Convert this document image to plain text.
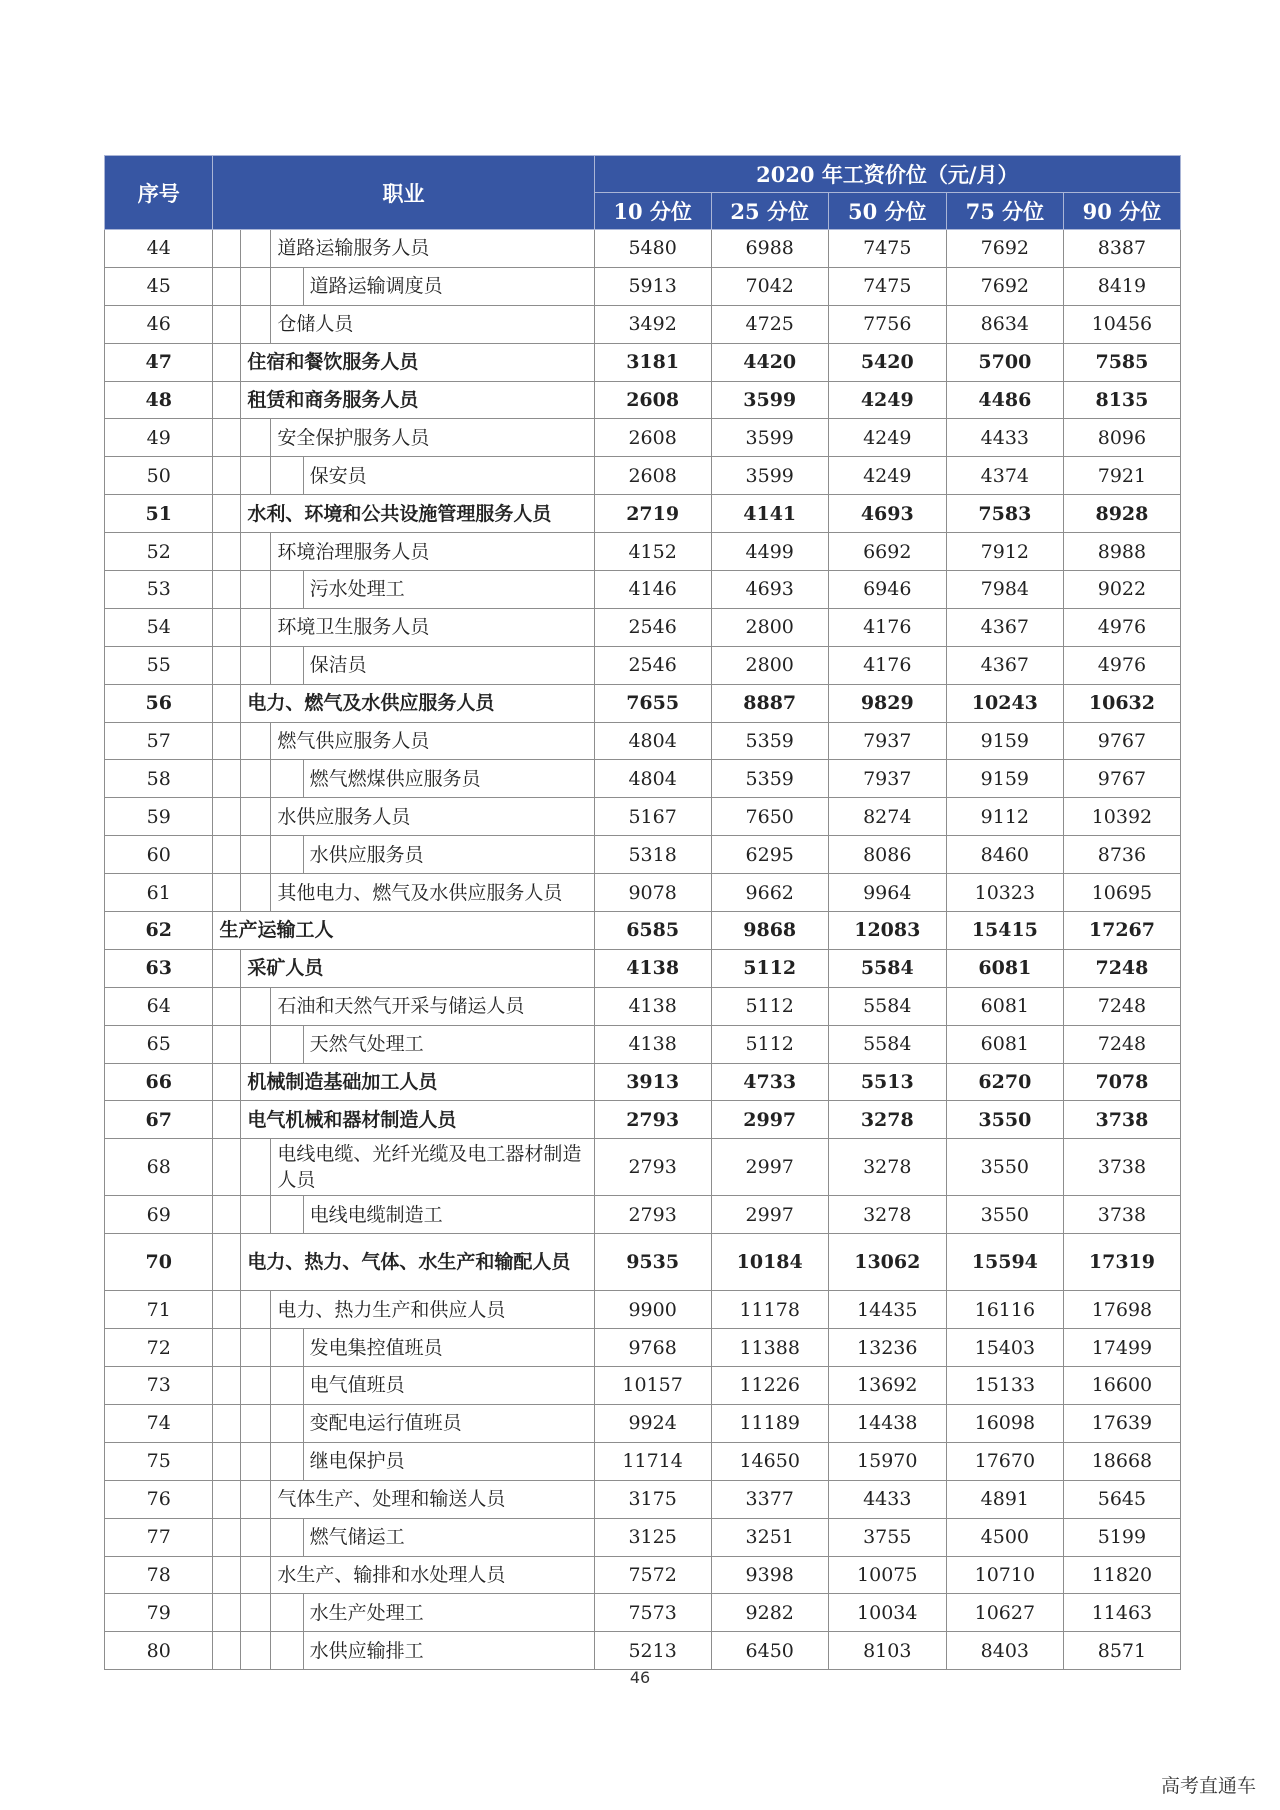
序号	职业				2020 年工资价位（元/月）				
					10 分位	25 分位	50 分位	75 分位	90 分位
44			道路运输服务人员		5480	6988	7475	7692	8387
45				道路运输调度员	5913	7042	7475	7692	8419
46			仓储人员		3492	4725	7756	8634	10456
47		住宿和餐饮服务人员			3181	4420	5420	5700	7585
48		租赁和商务服务人员			2608	3599	4249	4486	8135
49			安全保护服务人员		2608	3599	4249	4433	8096
50				保安员	2608	3599	4249	4374	7921
51		水利、环境和公共设施管理服务人员			2719	4141	4693	7583	8928
52			环境治理服务人员		4152	4499	6692	7912	8988
53				污水处理工	4146	4693	6946	7984	9022
54			环境卫生服务人员		2546	2800	4176	4367	4976
55				保洁员	2546	2800	4176	4367	4976
56		电力、燃气及水供应服务人员			7655	8887	9829	10243	10632
57			燃气供应服务人员		4804	5359	7937	9159	9767
58				燃气燃煤供应服务员	4804	5359	7937	9159	9767
59			水供应服务人员		5167	7650	8274	9112	10392
60				水供应服务员	5318	6295	8086	8460	8736
61			其他电力、燃气及水供应服务人员		9078	9662	9964	10323	10695
62	生产运输工人				6585	9868	12083	15415	17267
63		采矿人员			4138	5112	5584	6081	7248
64			石油和天然气开采与储运人员		4138	5112	5584	6081	7248
65				天然气处理工	4138	5112	5584	6081	7248
66		机械制造基础加工人员			3913	4733	5513	6270	7078
67		电气机械和器材制造人员			2793	2997	3278	3550	3738
68			电线电缆、光纤光缆及电工器材制造人员		2793	2997	3278	3550	3738
69				电线电缆制造工	2793	2997	3278	3550	3738
70		电力、热力、气体、水生产和输配人员			9535	10184	13062	15594	17319
71			电力、热力生产和供应人员		9900	11178	14435	16116	17698
72				发电集控值班员	9768	11388	13236	15403	17499
73				电气值班员	10157	11226	13692	15133	16600
74				变配电运行值班员	9924	11189	14438	16098	17639
75				继电保护员	11714	14650	15970	17670	18668
76			气体生产、处理和输送人员		3175	3377	4433	4891	5645
77				燃气储运工	3125	3251	3755	4500	5199
78			水生产、输排和水处理人员		7572	9398	10075	10710	11820
79				水生产处理工	7573	9282	10034	10627	11463
80				水供应输排工	5213	6450	8103	8403	8571
46
高考直通车
